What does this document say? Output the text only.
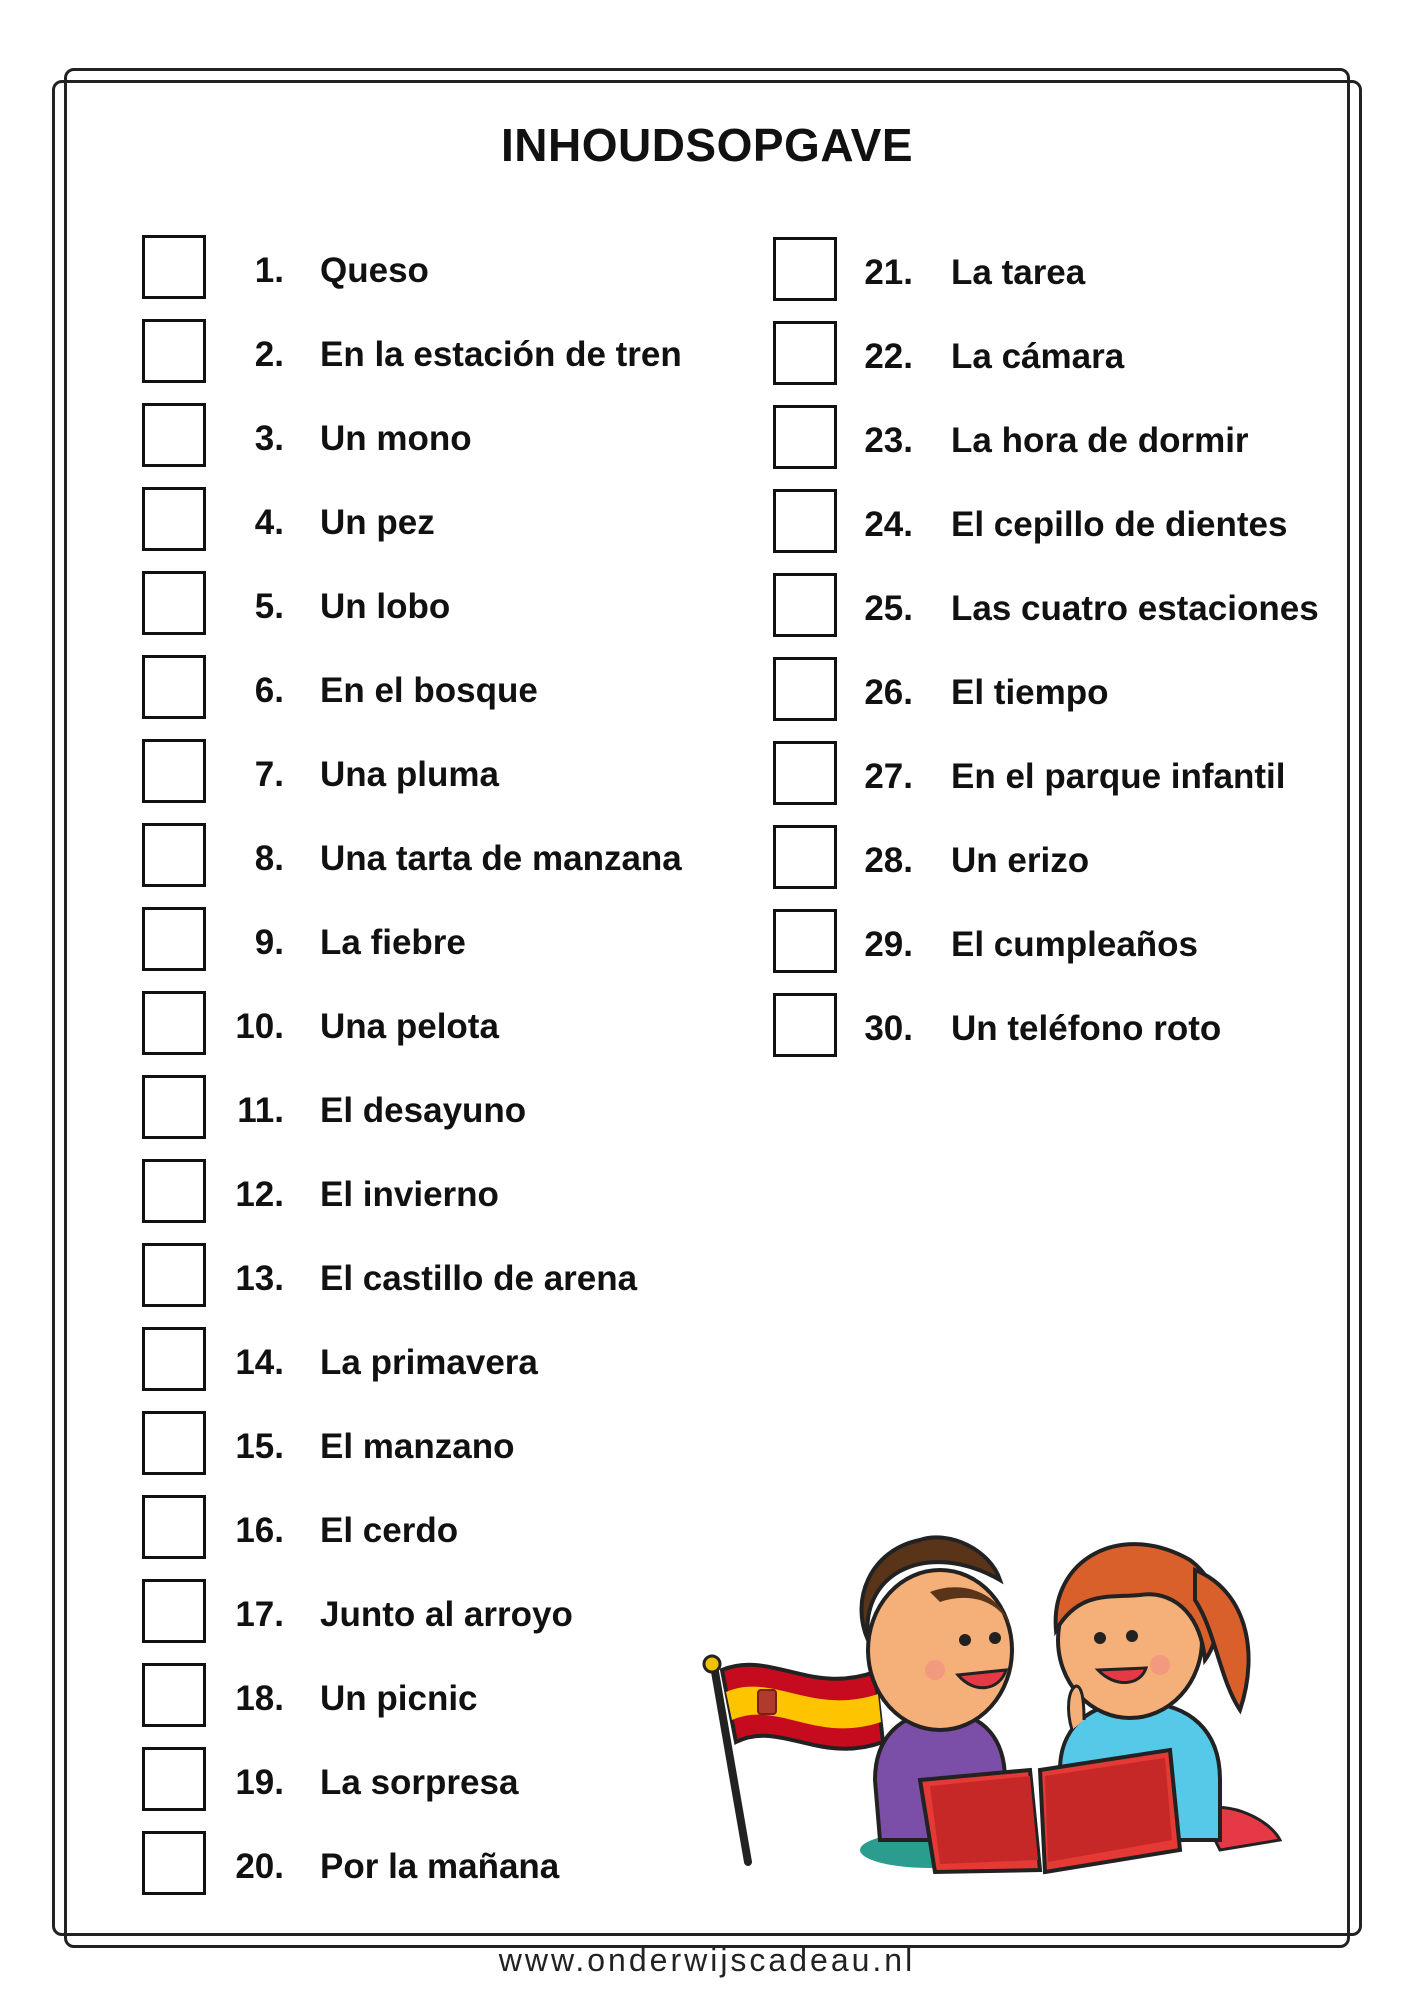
INHOUDSOPGAVE
1. Queso
2. En la estación de tren
3. Un mono
4. Un pez
5. Un lobo
6. En el bosque
7. Una pluma
8. Una tarta de manzana
9. La fiebre
10. Una pelota
11. El desayuno
12. El invierno
13. El castillo de arena
14. La primavera
15. El manzano
16. El cerdo
17. Junto al arroyo
18. Un picnic
19. La sorpresa
20. Por la mañana
21. La tarea
22. La cámara
23. La hora de dormir
24. El cepillo de dientes
25. Las cuatro estaciones
26. El tiempo
27. En el parque infantil
28. Un erizo
29. El cumpleaños
30. Un teléfono roto
www.onderwijscadeau.nl
